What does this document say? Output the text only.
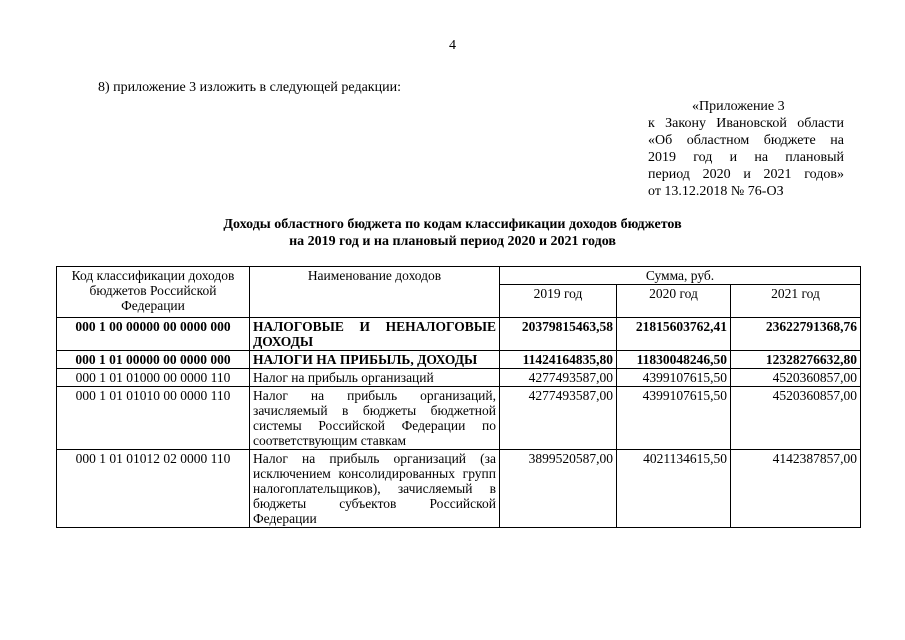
4
8) приложение 3 изложить в следующей редакции:
«Приложение 3
к Закону Ивановской области
«Об областном бюджете на
2019 год и на плановый
период 2020 и 2021 годов»
от 13.12.2018 № 76-ОЗ
Доходы областного бюджета по кодам классификации доходов бюджетов
на 2019 год и на плановый период 2020 и 2021 годов
Код классификации доходов бюджетов Российской Федерации	Наименование доходов	Сумма, руб.		
		2019 год	2020 год	2021 год
000 1 00 00000 00 0000 000	НАЛОГОВЫЕ И НЕНАЛОГОВЫЕ ДОХОДЫ	20379815463,58	21815603762,41	23622791368,76
000 1 01 00000 00 0000 000	НАЛОГИ НА ПРИБЫЛЬ, ДОХОДЫ	11424164835,80	11830048246,50	12328276632,80
000 1 01 01000 00 0000 110	Налог на прибыль организаций	4277493587,00	4399107615,50	4520360857,00
000 1 01 01010 00 0000 110	Налог на прибыль организаций, зачисляемый в бюджеты бюджетной системы Российской Федерации по соответствующим ставкам	4277493587,00	4399107615,50	4520360857,00
000 1 01 01012 02 0000 110	Налог на прибыль организаций (за исключением консолидированных групп налогоплательщиков), зачисляемый в бюджеты субъектов Российской Федерации	3899520587,00	4021134615,50	4142387857,00
